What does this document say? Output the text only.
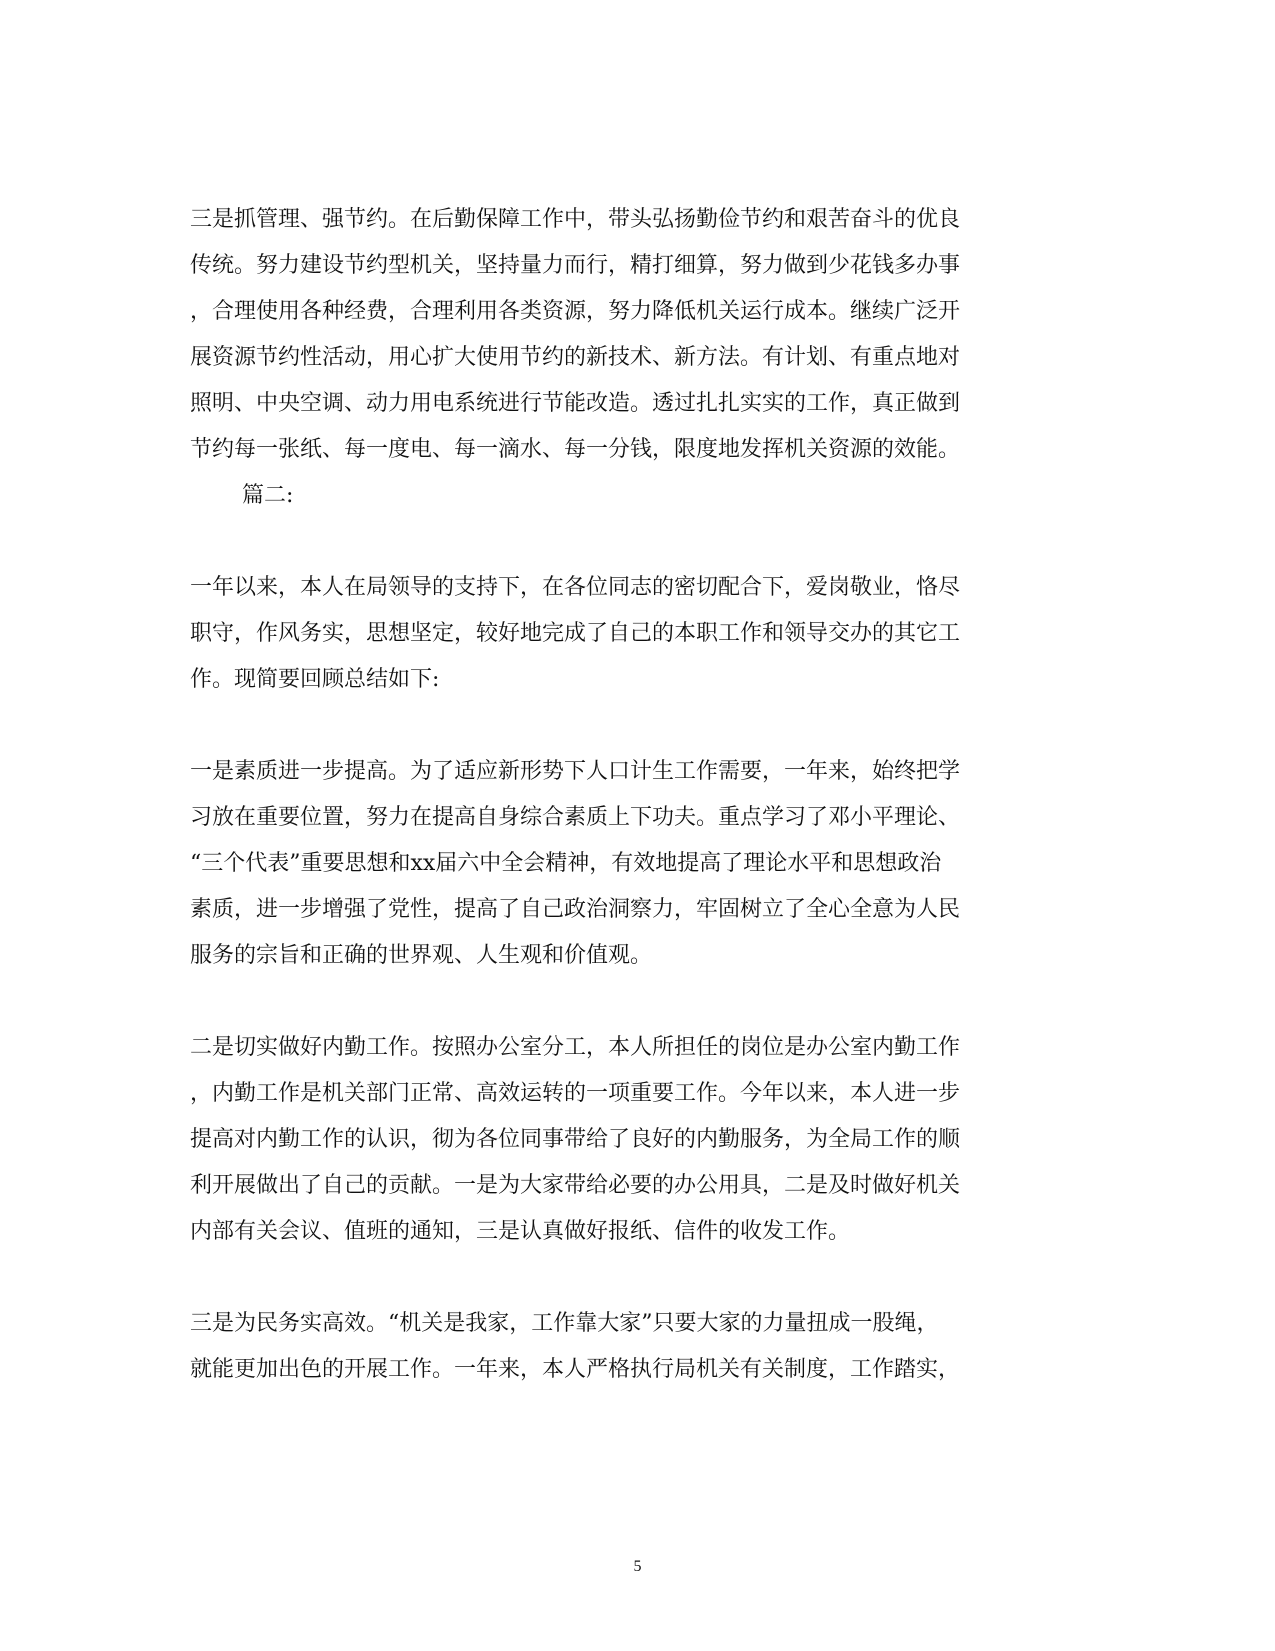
三是抓管理、强节约。在后勤保障工作中，带头弘扬勤俭节约和艰苦奋斗的优良
传统。努力建设节约型机关，坚持量力而行，精打细算，努力做到少花钱多办事
，合理使用各种经费，合理利用各类资源，努力降低机关运行成本。继续广泛开
展资源节约性活动，用心扩大使用节约的新技术、新方法。有计划、有重点地对
照明、中央空调、动力用电系统进行节能改造。透过扎扎实实的工作，真正做到
节约每一张纸、每一度电、每一滴水、每一分钱，限度地发挥机关资源的效能。
篇二:
一年以来，本人在局领导的支持下，在各位同志的密切配合下，爱岗敬业，恪尽
职守，作风务实，思想坚定，较好地完成了自己的本职工作和领导交办的其它工
作。现简要回顾总结如下:
一是素质进一步提高。为了适应新形势下人口计生工作需要，一年来，始终把学
习放在重要位置，努力在提高自身综合素质上下功夫。重点学习了邓小平理论、
“三个代表”重要思想和xx届六中全会精神，有效地提高了理论水平和思想政治
素质，进一步增强了党性，提高了自己政治洞察力，牢固树立了全心全意为人民
服务的宗旨和正确的世界观、人生观和价值观。
二是切实做好内勤工作。按照办公室分工，本人所担任的岗位是办公室内勤工作
，内勤工作是机关部门正常、高效运转的一项重要工作。今年以来，本人进一步
提高对内勤工作的认识，彻为各位同事带给了良好的内勤服务，为全局工作的顺
利开展做出了自己的贡献。一是为大家带给必要的办公用具，二是及时做好机关
内部有关会议、值班的通知，三是认真做好报纸、信件的收发工作。
三是为民务实高效。“机关是我家，工作靠大家”只要大家的力量扭成一股绳，
就能更加出色的开展工作。一年来，本人严格执行局机关有关制度，工作踏实，
5
